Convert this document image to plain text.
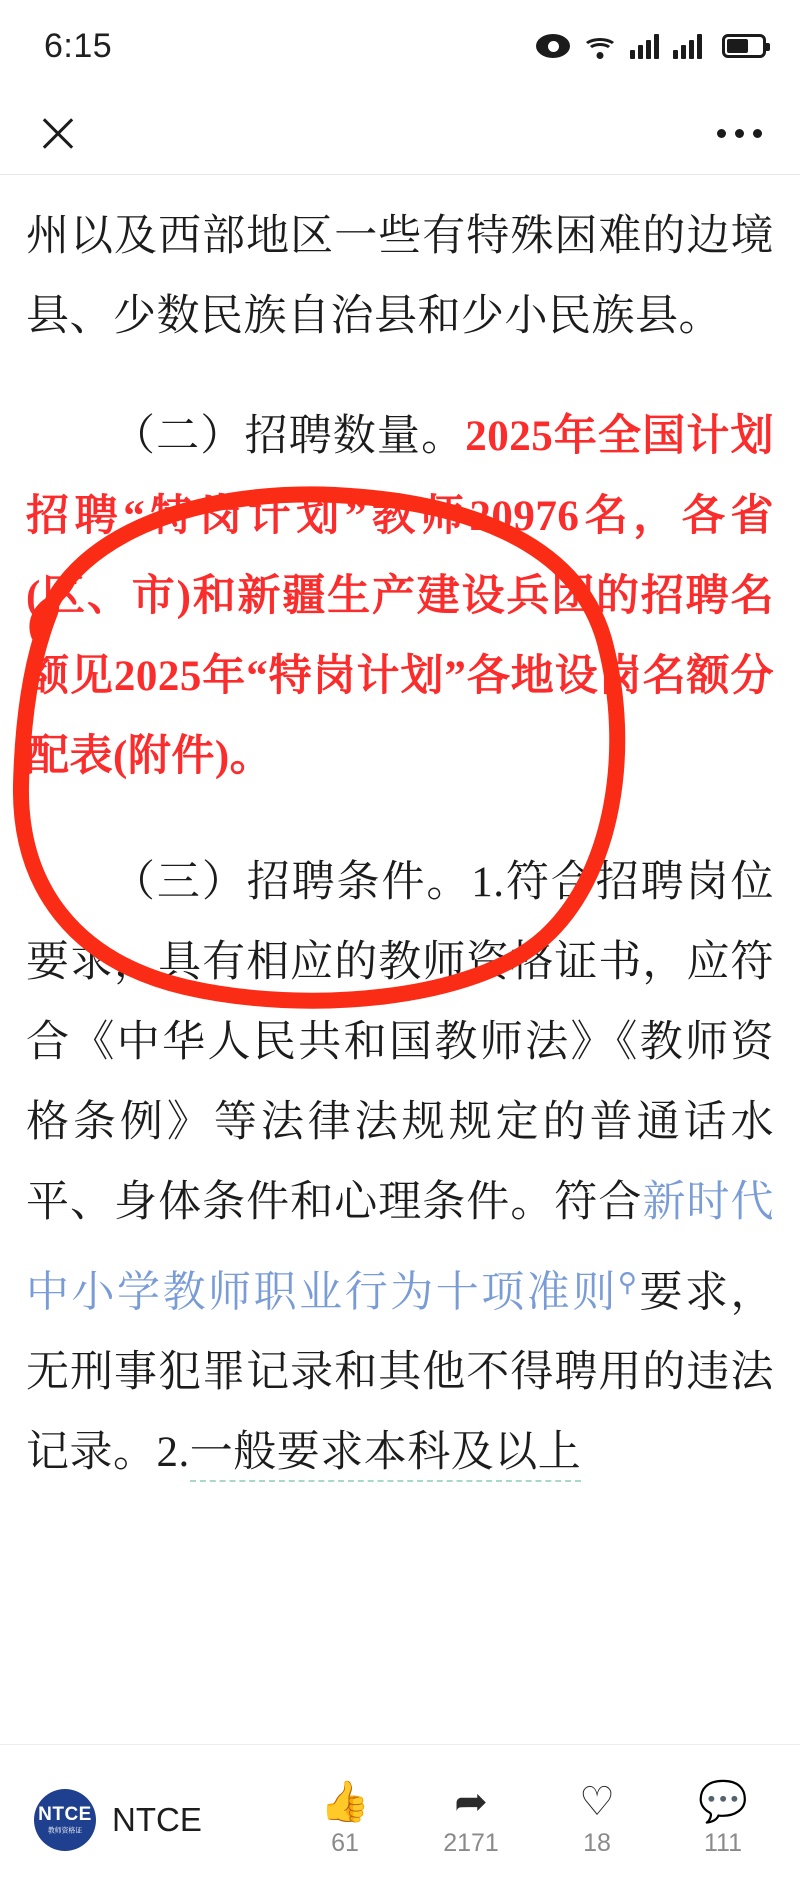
6:15

州以及西部地区一些有特殊困难的边境县、少数民族自治县和少小民族县。

（二）招聘数量。2025年全国计划招聘“特岗计划”教师20976名，各省(区、市)和新疆生产建设兵团的招聘名额见2025年“特岗计划”各地设岗名额分配表(附件)。

（三）招聘条件。1.符合招聘岗位要求，具有相应的教师资格证书，应符合《中华人民共和国教师法》《教师资格条例》等法律法规规定的普通话水平、身体条件和心理条件。符合新时代中小学教师职业行为十项准则⚲要求，无刑事犯罪记录和其他不得聘用的违法记录。2.一般要求本科及以上

NTCE
教师资格证 NTCE	👍
61
➦
2171
♡
18
💬
111
